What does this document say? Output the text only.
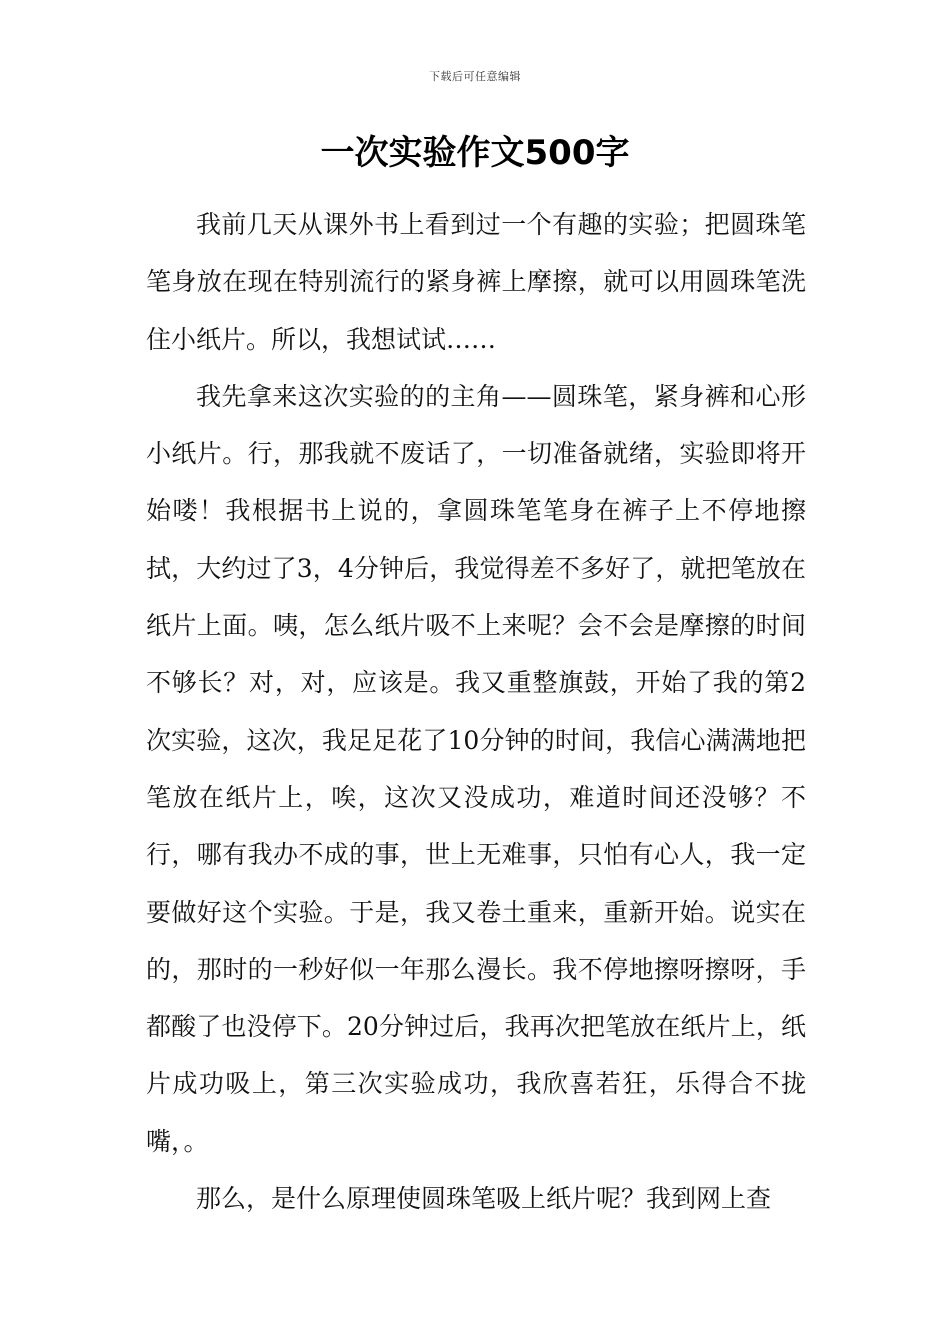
下载后可任意编辑
一次实验作文500字

我前几天从课外书上看到过一个有趣的实验；把圆珠笔笔身放在现在特别流行的紧身裤上摩擦，就可以用圆珠笔洗住小纸片。所以，我想试试……

我先拿来这次实验的的主角——圆珠笔，紧身裤和心形小纸片。行，那我就不废话了，一切准备就绪，实验即将开始喽！我根据书上说的，拿圆珠笔笔身在裤子上不停地擦拭，大约过了3，4分钟后，我觉得差不多好了，就把笔放在纸片上面。咦，怎么纸片吸不上来呢？会不会是摩擦的时间不够长？对，对，应该是。我又重整旗鼓，开始了我的第2次实验，这次，我足足花了10分钟的时间，我信心满满地把笔放在纸片上，唉，这次又没成功，难道时间还没够？不行，哪有我办不成的事，世上无难事，只怕有心人，我一定要做好这个实验。于是，我又卷土重来，重新开始。说实在的，那时的一秒好似一年那么漫长。我不停地擦呀擦呀，手都酸了也没停下。20分钟过后，我再次把笔放在纸片上，纸片成功吸上，第三次实验成功，我欣喜若狂，乐得合不拢嘴，。

那么，是什么原理使圆珠笔吸上纸片呢？我到网上查
